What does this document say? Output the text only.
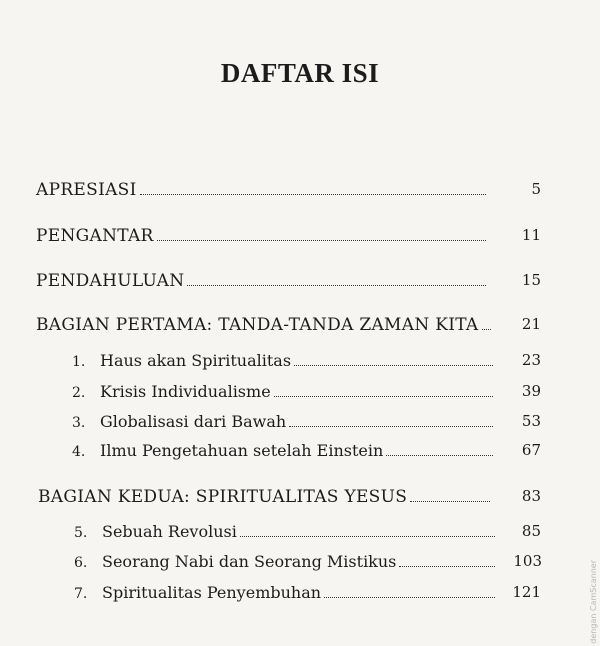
DAFTAR ISI
APRESIASI	5
PENGANTAR	11
PENDAHULUAN	15
BAGIAN PERTAMA: TANDA-TANDA ZAMAN KITA	21
1. Haus akan Spiritualitas	23
2. Krisis Individualisme	39
3. Globalisasi dari Bawah	53
4. Ilmu Pengetahuan setelah Einstein	67
BAGIAN KEDUA: SPIRITUALITAS YESUS	83
5. Sebuah Revolusi	85
6. Seorang Nabi dan Seorang Mistikus	103
7. Spiritualitas Penyembuhan	121	dengan CamScanner
